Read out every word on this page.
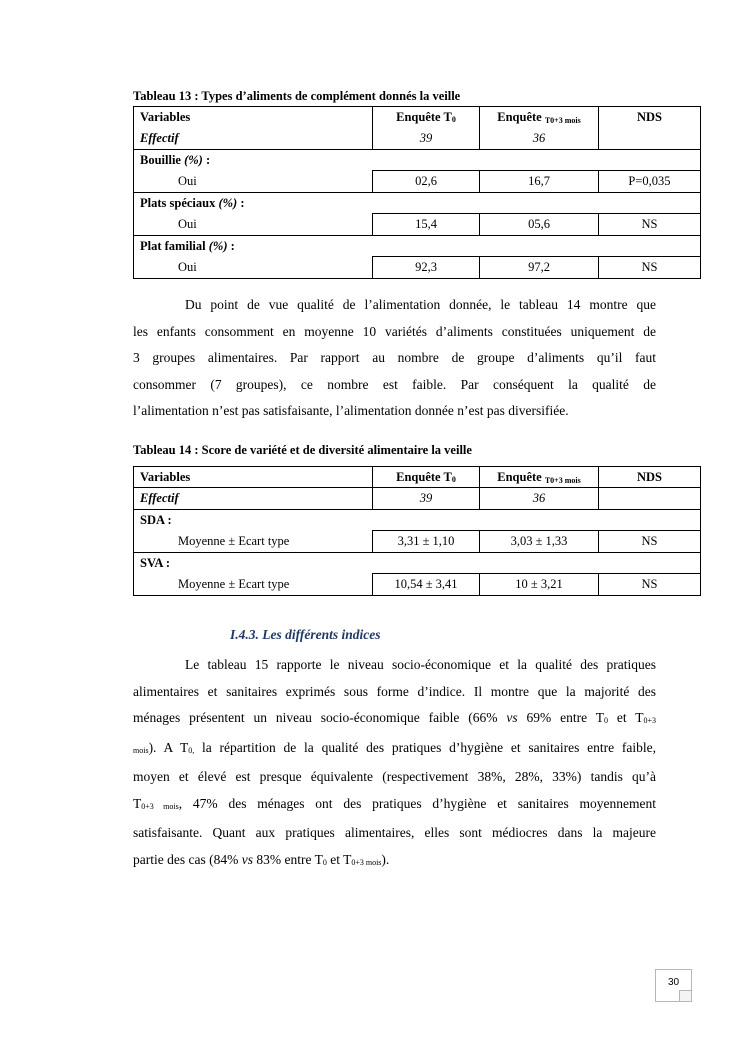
Tableau 13 : Types d’aliments de complément donnés la veille
Variables	Enquête T0	Enquête T0+3 mois	NDS
Effectif	39	36	
Bouillie (%) :			
Oui	02,6	16,7	P=0,035
Plats spéciaux (%) :			
Oui	15,4	05,6	NS
Plat familial (%) :			
Oui	92,3	97,2	NS
Du point de vue qualité de l’alimentation donnée, le tableau 14 montre que
les enfants consomment en moyenne 10 variétés d’aliments constituées uniquement de
3 groupes alimentaires. Par rapport au nombre de groupe d’aliments qu’il faut
consommer (7 groupes), ce nombre est faible. Par conséquent la qualité de
l’alimentation n’est pas satisfaisante, l’alimentation donnée n’est pas diversifiée.
Tableau 14 : Score de variété et de diversité alimentaire la veille
Variables	Enquête T0	Enquête T0+3 mois	NDS
Effectif	39	36	
SDA :			
Moyenne ± Ecart type	3,31 ± 1,10	3,03 ± 1,33	NS
SVA :			
Moyenne ± Ecart type	10,54 ± 3,41	10 ± 3,21	NS
I.4.3. Les différents indices
Le tableau 15 rapporte le niveau socio-économique et la qualité des pratiques
alimentaires et sanitaires exprimés sous forme d’indice. Il montre que la majorité des
ménages présentent un niveau socio-économique faible (66% vs 69% entre T0 et T0+3
mois). A T0, la répartition de la qualité des pratiques d’hygiène et sanitaires entre faible,
moyen et élevé est presque équivalente (respectivement 38%, 28%, 33%) tandis qu’à
T0+3 mois, 47% des ménages ont des pratiques d’hygiène et sanitaires moyennement
satisfaisante. Quant aux pratiques alimentaires, elles sont médiocres dans la majeure
partie des cas (84% vs 83% entre T0 et T0+3 mois).
30
